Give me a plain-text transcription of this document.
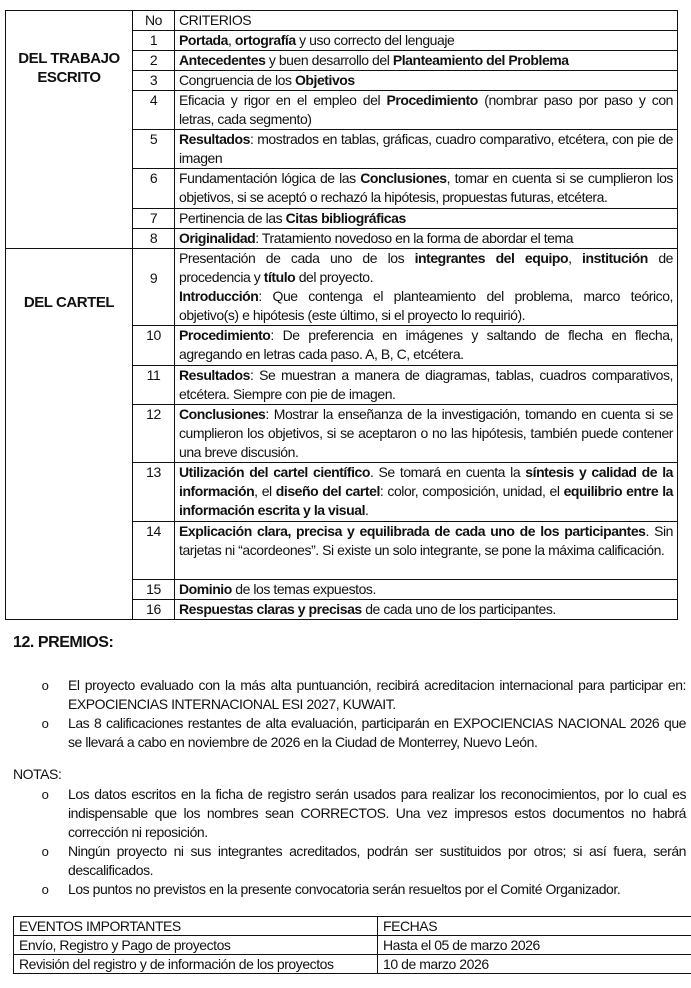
DEL TRABAJO
ESCRITO	No	CRITERIOS
	1	Portada, ortografía y uso correcto del lenguaje
	2	Antecedentes y buen desarrollo del Planteamiento del Problema
	3	Congruencia de los Objetivos
	4	Eficacia y rigor en el empleo del Procedimiento (nombrar paso por paso y con letras, cada segmento)
	5	Resultados: mostrados en tablas, gráficas, cuadro comparativo, etcétera, con pie de imagen
	6	Fundamentación lógica de las Conclusiones, tomar en cuenta si se cumplieron los objetivos, si se aceptó o rechazó la hipótesis, propuestas futuras, etcétera.
	7	Pertinencia de las Citas bibliográficas
	8	Originalidad: Tratamiento novedoso en la forma de abordar el tema

DEL CARTEL	9	Presentación de cada uno de los integrantes del equipo, institución de procedencia y título del proyecto.
Introducción: Que contenga el planteamiento del problema, marco teórico, objetivo(s) e hipótesis (este último, si el proyecto lo requirió).
	10	Procedimiento: De preferencia en imágenes y saltando de flecha en flecha, agregando en letras cada paso. A, B, C, etcétera.
	11	Resultados: Se muestran a manera de diagramas, tablas, cuadros comparativos, etcétera. Siempre con pie de imagen.
	12	Conclusiones: Mostrar la enseñanza de la investigación, tomando en cuenta si se cumplieron los objetivos, si se aceptaron o no las hipótesis, también puede contener una breve discusión.
	13	Utilización del cartel científico. Se tomará en cuenta la síntesis y calidad de la información, el diseño del cartel: color, composición, unidad, el equilibrio entre la información escrita y la visual.
	14	Explicación clara, precisa y equilibrada de cada uno de los participantes. Sin tarjetas ni “acordeones”. Si existe un solo integrante, se pone la máxima calificación.
	15	Dominio de los temas expuestos.
	16	Respuestas claras y precisas de cada uno de los participantes.
12. PREMIOS:
o El proyecto evaluado con la más alta puntuanción, recibirá acreditacion internacional para participar en: EXPOCIENCIAS INTERNACIONAL ESI 2027, KUWAIT.
o Las 8 calificaciones restantes de alta evaluación, participarán en EXPOCIENCIAS NACIONAL 2026 que se llevará a cabo en noviembre de 2026 en la Ciudad de Monterrey, Nuevo León.
NOTAS:
o Los datos escritos en la ficha de registro serán usados para realizar los reconocimientos, por lo cual es indispensable que los nombres sean CORRECTOS. Una vez impresos estos documentos no habrá corrección ni reposición.
o Ningún proyecto ni sus integrantes acreditados, podrán ser sustituidos por otros; si así fuera, serán descalificados.
o Los puntos no previstos en la presente convocatoria serán resueltos por el Comité Organizador.
EVENTOS IMPORTANTES	FECHAS
Envío, Registro y Pago de proyectos	Hasta el 05 de marzo 2026
Revisión del registro y de información de los proyectos	10 de marzo 2026
